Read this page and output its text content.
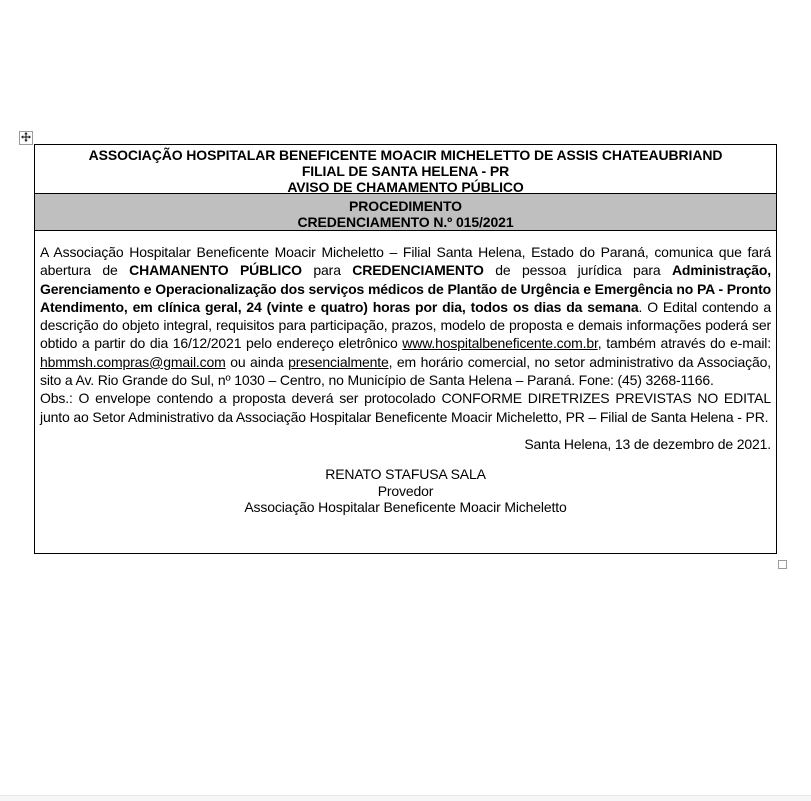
ASSOCIAÇÃO HOSPITALAR BENEFICENTE MOACIR MICHELETTO DE ASSIS CHATEAUBRIAND
FILIAL DE SANTA HELENA - PR
AVISO DE CHAMAMENTO PÚBLICO
PROCEDIMENTO
CREDENCIAMENTO N.º 015/2021

A Associação Hospitalar Beneficente Moacir Micheletto – Filial Santa Helena, Estado do Paraná, comunica que fará abertura de CHAMANENTO PÚBLICO para CREDENCIAMENTO de pessoa jurídica para Administração, Gerenciamento e Operacionalização dos serviços médicos de Plantão de Urgência e Emergência no PA - Pronto Atendimento, em clínica geral, 24 (vinte e quatro) horas por dia, todos os dias da semana. O Edital contendo a descrição do objeto integral, requisitos para participação, prazos, modelo de proposta e demais informações poderá ser obtido a partir do dia 16/12/2021 pelo endereço eletrônico www.hospitalbeneficente.com.br, também através do e-mail: hbmmsh.compras@gmail.com ou ainda presencialmente, em horário comercial, no setor administrativo da Associação, sito a Av. Rio Grande do Sul, nº 1030 – Centro, no Município de Santa Helena – Paraná. Fone: (45) 3268-1166.

Obs.: O envelope contendo a proposta deverá ser protocolado CONFORME DIRETRIZES PREVISTAS NO EDITAL junto ao Setor Administrativo da Associação Hospitalar Beneficente Moacir Micheletto, PR – Filial de Santa Helena - PR.

Santa Helena, 13 de dezembro de 2021.

RENATO STAFUSA SALA
Provedor
Associação Hospitalar Beneficente Moacir Micheletto
